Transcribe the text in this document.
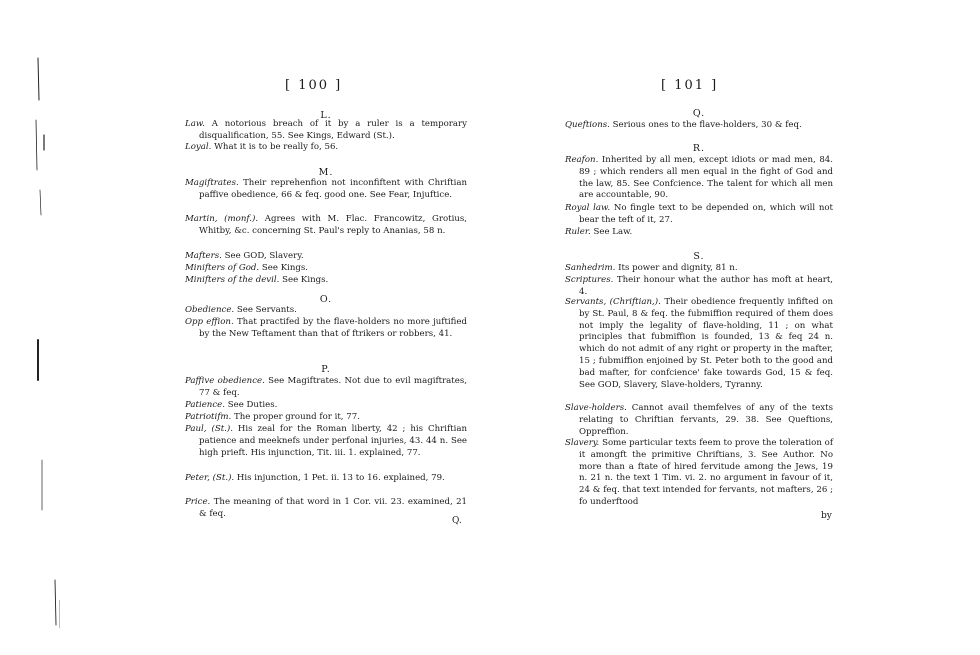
[ 100 ]
L.
Law. A notorious breach of it by a ruler is a temporary disqualification, 55. See Kings, Edward (St.).
Loyal. What it is to be really fo, 56.
M.
Magiftrates. Their reprehenfion not inconfiftent with Chriftian paffive obedience, 66 & feq. good one. See Fear, Injuftice.
Martin, (monf.). Agrees with M. Flac. Francowitz, Grotius, Whitby, &c. concerning St. Paul's reply to Ananias, 58 n.
Mafters. See GOD, Slavery.
Minifters of God. See Kings.
Minifters of the devil. See Kings.
O.
Obedience. See Servants.
Opp effion. That practifed by the flave-holders no more juftified by the New Teftament than that of ftrikers or robbers, 41.
P.
Paffive obedience. See Magiftrates. Not due to evil magiftrates, 77 & feq.
Patience. See Duties.
Patriotifm. The proper ground for it, 77.
Paul, (St.). His zeal for the Roman liberty, 42 ; his Chriftian patience and meeknefs under perfonal injuries, 43. 44 n. See high prieft. His injunction, Tit. iii. 1. explained, 77.
Peter, (St.). His injunction, 1 Pet. ii. 13 to 16. explained, 79.
Price. The meaning of that word in 1 Cor. vii. 23. examined, 21 & feq.
Q.
[ 101 ]
Q.
Queftions. Serious ones to the flave-holders, 30 & feq.
R.
Reafon. Inherited by all men, except idiots or mad men, 84. 89 ; which renders all men equal in the fight of God and the law, 85. See Confcience. The talent for which all men are accountable, 90.
Royal law. No fingle text to be depended on, which will not bear the teft of it, 27.
Ruler. See Law.
S.
Sanhedrim. Its power and dignity, 81 n.
Scriptures. Their honour what the author has moft at heart, 4.
Servants, (Chriftian,). Their obedience frequently infifted on by St. Paul, 8 & feq. the fubmiffion required of them does not imply the legality of flave-holding, 11 ; on what principles that fubmiffion is founded, 13 & feq 24 n. which do not admit of any right or property in the mafter, 15 ; fubmiffion enjoined by St. Peter both to the good and bad mafter, for confcience' fake towards God, 15 & feq. See GOD, Slavery, Slave-holders, Tyranny.
Slave-holders. Cannot avail themfelves of any of the texts relating to Chriftian fervants, 29. 38. See Queftions, Oppreffion.
Slavery. Some particular texts feem to prove the toleration of it amongft the primitive Chriftians, 3. See Author. No more than a ftate of hired fervitude among the Jews, 19 n. 21 n. the text 1 Tim. vi. 2. no argument in favour of it, 24 & feq. that text intended for fervants, not mafters, 26 ; fo underftood
by
